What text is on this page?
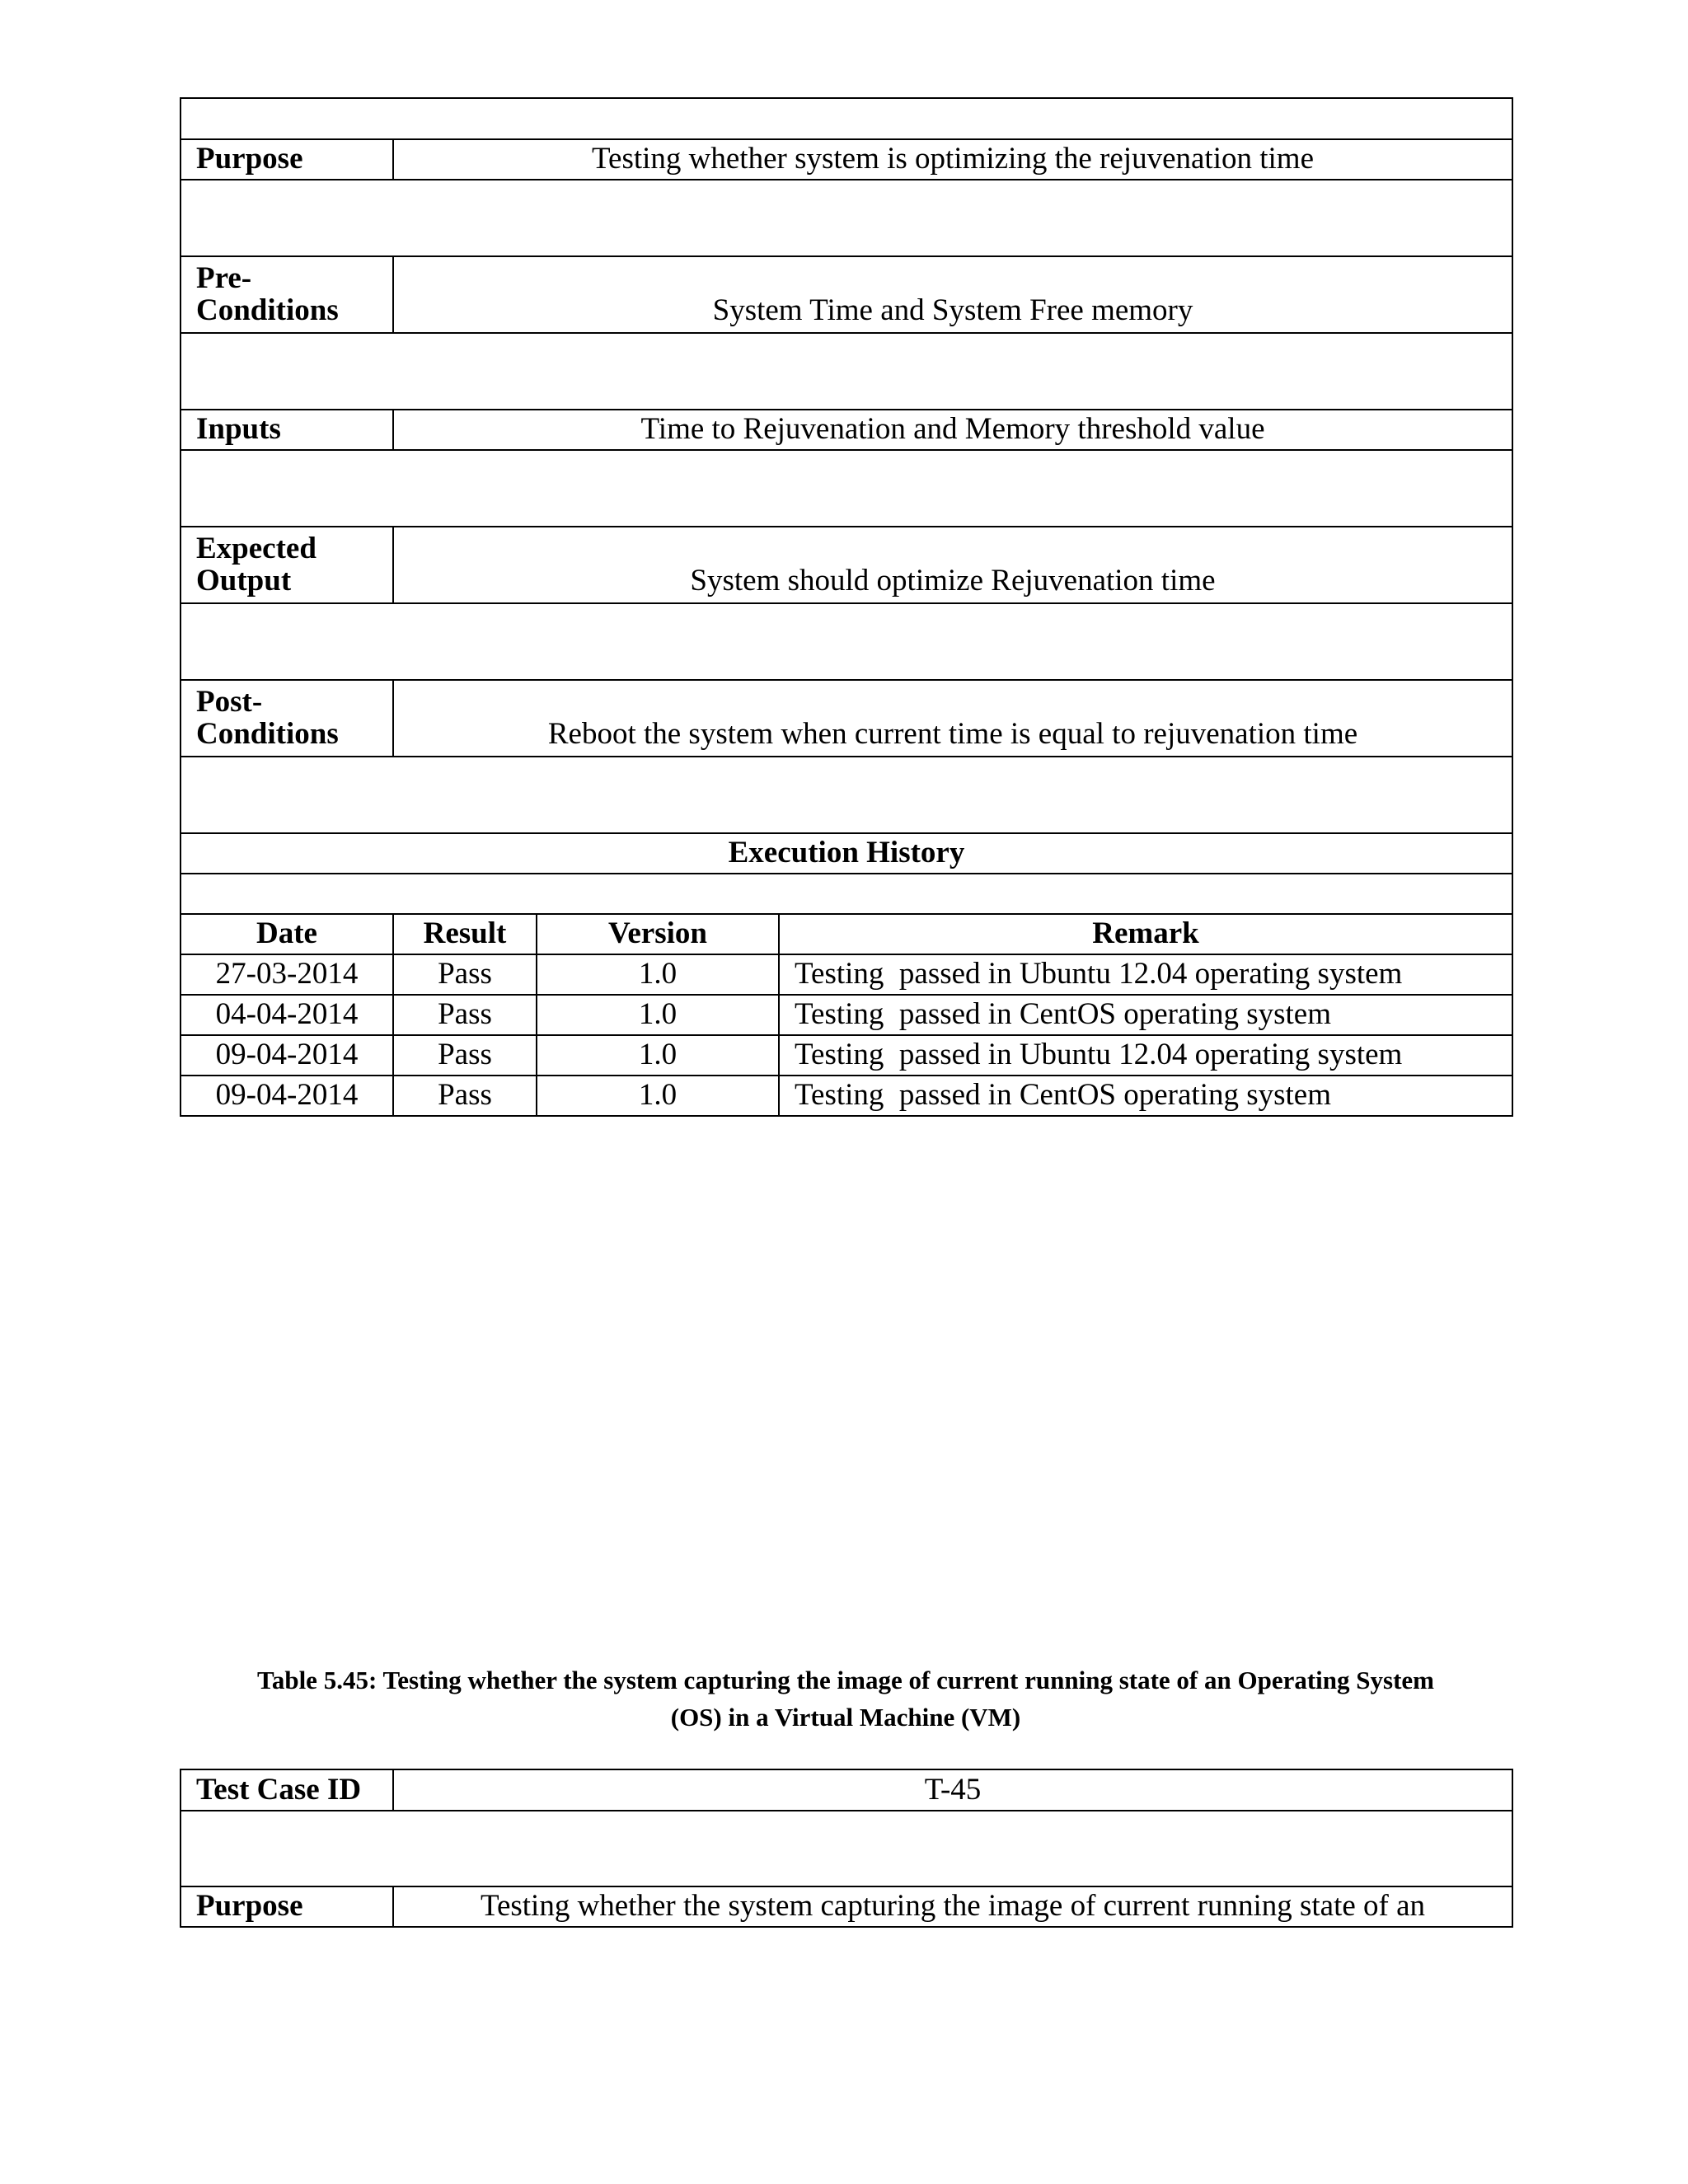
Purpose	Testing whether system is optimizing the rejuvenation time		

Pre-
Conditions	System Time and System Free memory		

Inputs	Time to Rejuvenation and Memory threshold value		

Expected
Output	System should optimize Rejuvenation time		

Post-
Conditions	Reboot the system when current time is equal to rejuvenation time		

Execution History			

Date	Result	Version	Remark
27-03-2014	Pass	1.0	Testing  passed in Ubuntu 12.04 operating system
04-04-2014	Pass	1.0	Testing  passed in CentOS operating system
09-04-2014	Pass	1.0	Testing  passed in Ubuntu 12.04 operating system
09-04-2014	Pass	1.0	Testing  passed in CentOS operating system
Table 5.45: Testing whether the system capturing the image of current running state of an Operating System
(OS) in a Virtual Machine (VM)
Test Case ID	T-45

Purpose	Testing whether the system capturing the image of current running state of an
